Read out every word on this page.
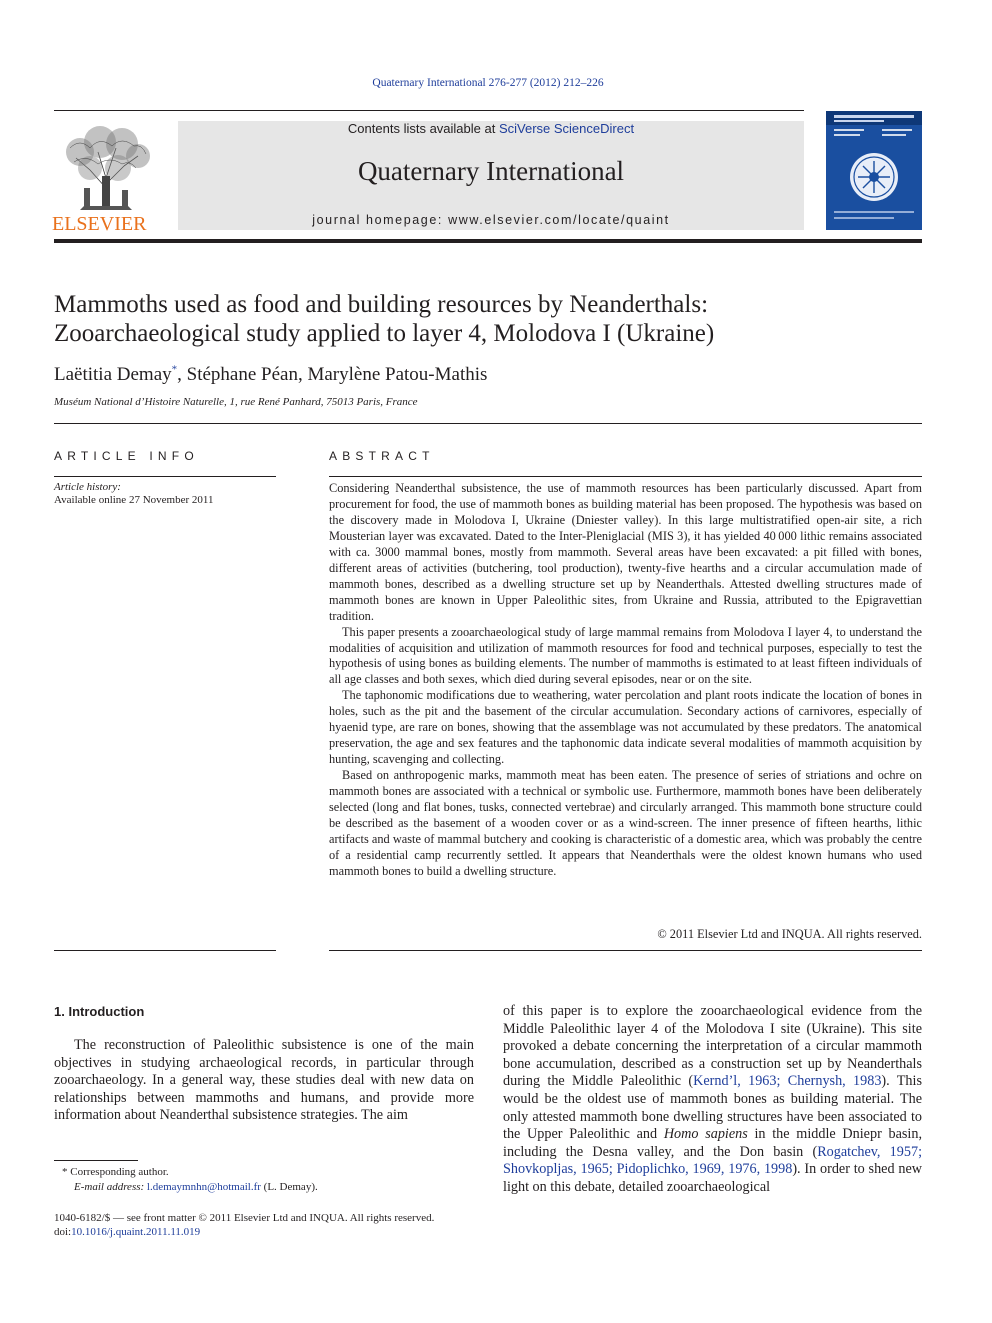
Quaternary International 276-277 (2012) 212–226
ELSEVIER
Contents lists available at SciVerse ScienceDirect
Quaternary International
journal homepage: www.elsevier.com/locate/quaint
Mammoths used as food and building resources by Neanderthals:
Zooarchaeological study applied to layer 4, Molodova I (Ukraine)
Laëtitia Demay*, Stéphane Péan, Marylène Patou-Mathis
Muséum National d’Histoire Naturelle, 1, rue René Panhard, 75013 Paris, France
ARTICLE INFO
Article history:
Available online 27 November 2011
ABSTRACT

Considering Neanderthal subsistence, the use of mammoth resources has been particularly discussed. Apart from procurement for food, the use of mammoth bones as building material has been proposed. The hypothesis was based on the discovery made in Molodova I, Ukraine (Dniester valley). In this large multistratified open-air site, a rich Mousterian layer was excavated. Dated to the Inter-Pleniglacial (MIS 3), it has yielded 40 000 lithic remains associated with ca. 3000 mammal bones, mostly from mammoth. Several areas have been excavated: a pit filled with bones, different areas of activities (butchering, tool production), twenty-five hearths and a circular accumulation made of mammoth bones, described as a dwelling structure set up by Neanderthals. Attested dwelling structures made of mammoth bones are known in Upper Paleolithic sites, from Ukraine and Russia, attributed to the Epigravettian tradition.

This paper presents a zooarchaeological study of large mammal remains from Molodova I layer 4, to understand the modalities of acquisition and utilization of mammoth resources for food and technical purposes, especially to test the hypothesis of using bones as building elements. The number of mammoths is estimated to at least fifteen individuals of all age classes and both sexes, which died during several episodes, near or on the site.

The taphonomic modifications due to weathering, water percolation and plant roots indicate the location of bones in holes, such as the pit and the basement of the circular accumulation. Secondary actions of carnivores, especially of hyaenid type, are rare on bones, showing that the assemblage was not accumulated by these predators. The anatomical preservation, the age and sex features and the taphonomic data indicate several modalities of mammoth acquisition by hunting, scavenging and collecting.

Based on anthropogenic marks, mammoth meat has been eaten. The presence of series of striations and ochre on mammoth bones are associated with a technical or symbolic use. Furthermore, mammoth bones have been deliberately selected (long and flat bones, tusks, connected vertebrae) and circularly arranged. This mammoth bone structure could be described as the basement of a wooden cover or as a wind-screen. The inner presence of fifteen hearths, lithic artifacts and waste of mammal butchery and cooking is characteristic of a domestic area, which was probably the centre of a residential camp recurrently settled. It appears that Neanderthals were the oldest known humans who used mammoth bones to build a dwelling structure.

© 2011 Elsevier Ltd and INQUA. All rights reserved.
1. Introduction
The reconstruction of Paleolithic subsistence is one of the main objectives in studying archaeological records, in particular through zooarchaeology. In a general way, these studies deal with new data on relationships between mammoths and humans, and provide more information about Neanderthal subsistence strategies. The aim
of this paper is to explore the zooarchaeological evidence from the Middle Paleolithic layer 4 of the Molodova I site (Ukraine). This site provoked a debate concerning the interpretation of a circular mammoth bone accumulation, described as a construction set up by Neanderthals during the Middle Paleolithic (Kernd’l, 1963; Chernysh, 1983). This would be the oldest use of mammoth bones as building material. The only attested mammoth bone dwelling structures have been associated to the Upper Paleolithic and Homo sapiens in the middle Dniepr basin, including the Desna valley, and the Don basin (Rogatchev, 1957; Shovkopljas, 1965; Pidoplichko, 1969, 1976, 1998). In order to shed new light on this debate, detailed zooarchaeological
* Corresponding author.
E-mail address: l.demaymnhn@hotmail.fr (L. Demay).
1040-6182/$ — see front matter © 2011 Elsevier Ltd and INQUA. All rights reserved.
doi:10.1016/j.quaint.2011.11.019
